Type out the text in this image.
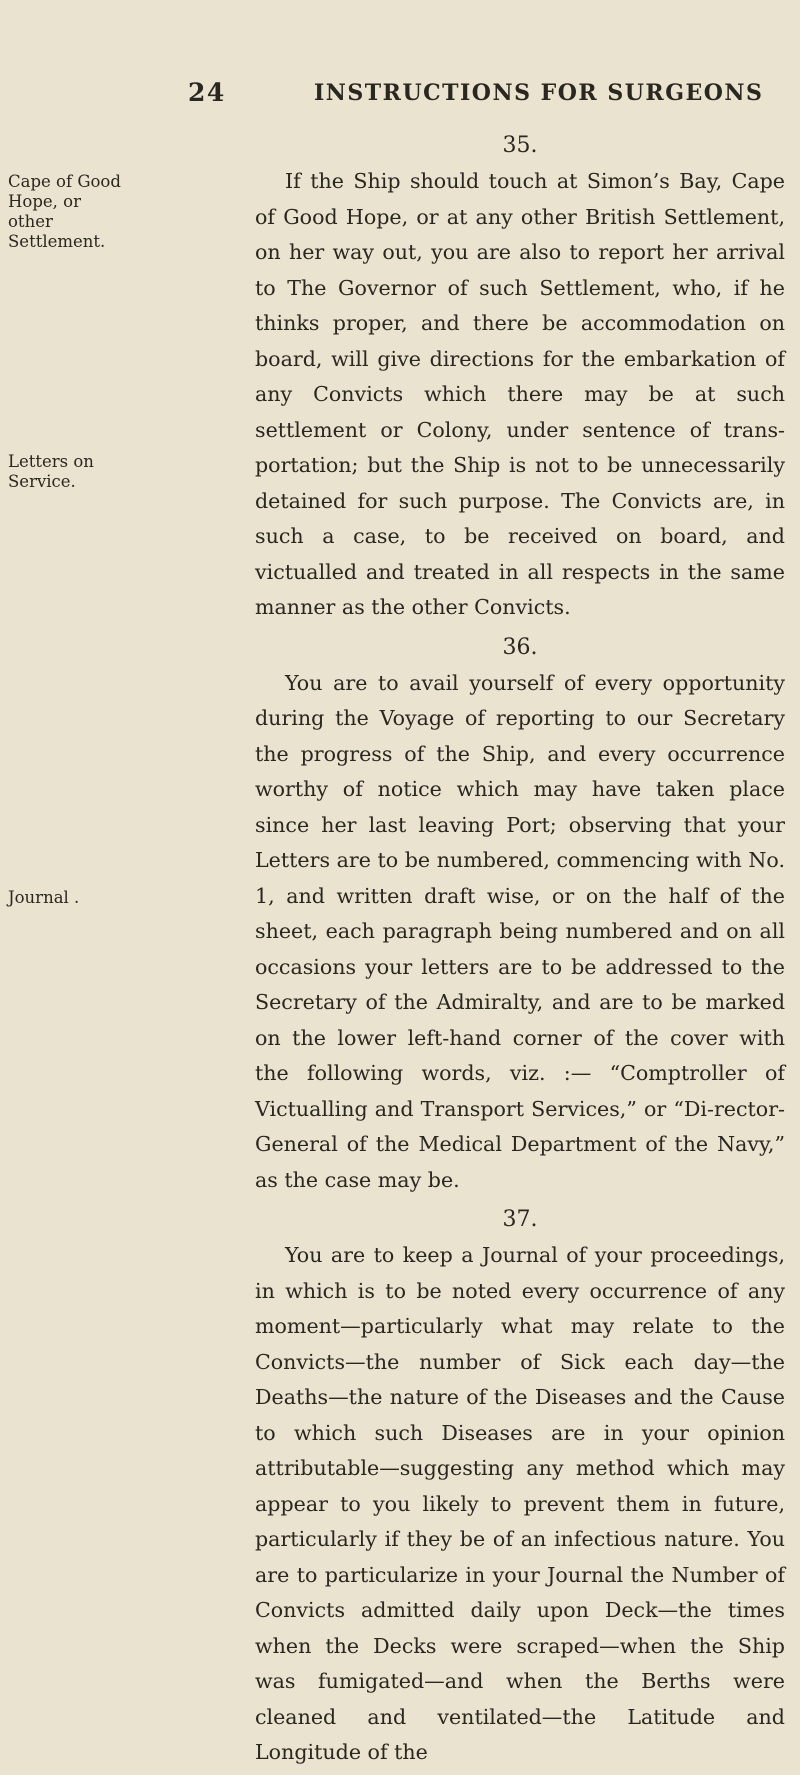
24	INSTRUCTIONS FOR SURGEONS
Cape of Good Hope, or other Settlement.
Letters on Service.
Journal .

35.

If the Ship should touch at Simon’s Bay, Cape of Good Hope, or at any other British Settlement, on her way out, you are also to report her arrival to The Governor of such Settlement, who, if he thinks proper, and there be accommodation on board, will give directions for the embarkation of any Convicts which there may be at such settlement or Colony, under sentence of trans-portation; but the Ship is not to be unnecessarily detained for such purpose. The Convicts are, in such a case, to be received on board, and victualled and treated in all respects in the same manner as the other Convicts.

36.

You are to avail yourself of every opportunity during the Voyage of reporting to our Secretary the progress of the Ship, and every occurrence worthy of notice which may have taken place since her last leaving Port; observing that your Letters are to be numbered, commencing with No. 1, and written draft wise, or on the half of the sheet, each paragraph being numbered and on all occasions your letters are to be addressed to the Secretary of the Admiralty, and are to be marked on the lower left-hand corner of the cover with the following words, viz. :— “Comptroller of Victualling and Transport Services,” or “Di-rector-General of the Medical Department of the Navy,” as the case may be.

37.

You are to keep a Journal of your proceedings, in which is to be noted every occurrence of any moment—particularly what may relate to the Convicts—the number of Sick each day—the Deaths—the nature of the Diseases and the Cause to which such Diseases are in your opinion attributable—suggesting any method which may appear to you likely to prevent them in future, particularly if they be of an infectious nature. You are to particularize in your Journal the Number of Convicts admitted daily upon Deck—the times when the Decks were scraped—when the Ship was fumigated—and when the Berths were cleaned and ventilated—the Latitude and Longitude of the
